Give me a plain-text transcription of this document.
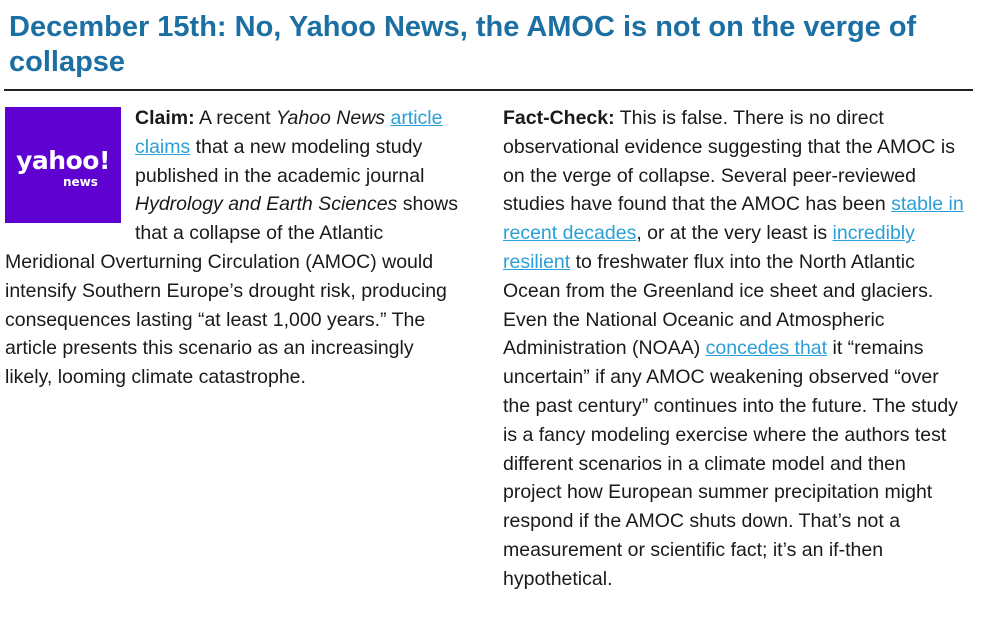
December 15th: No, Yahoo News, the AMOC is not on the verge of collapse
yahoo!
news

Claim: A recent Yahoo News article claims that a new modeling study published in the academic journal Hydrology and Earth Sciences shows that a collapse of the Atlantic Meridional Overturning Circulation (AMOC) would intensify Southern Europe’s drought risk, producing consequences lasting “at least 1,000 years.” The article presents this scenario as an increasingly likely, looming climate catastrophe.

Fact-Check: This is false. There is no direct observational evidence suggesting that the AMOC is on the verge of collapse. Several peer-reviewed studies have found that the AMOC has been stable in recent decades, or at the very least is incredibly resilient to freshwater flux into the North Atlantic Ocean from the Greenland ice sheet and glaciers. Even the National Oceanic and Atmospheric Administration (NOAA) concedes that it “remains uncertain” if any AMOC weakening observed “over the past century” continues into the future. The study is a fancy modeling exercise where the authors test different scenarios in a climate model and then project how European summer precipitation might respond if the AMOC shuts down. That’s not a measurement or scientific fact; it’s an if-then hypothetical.
